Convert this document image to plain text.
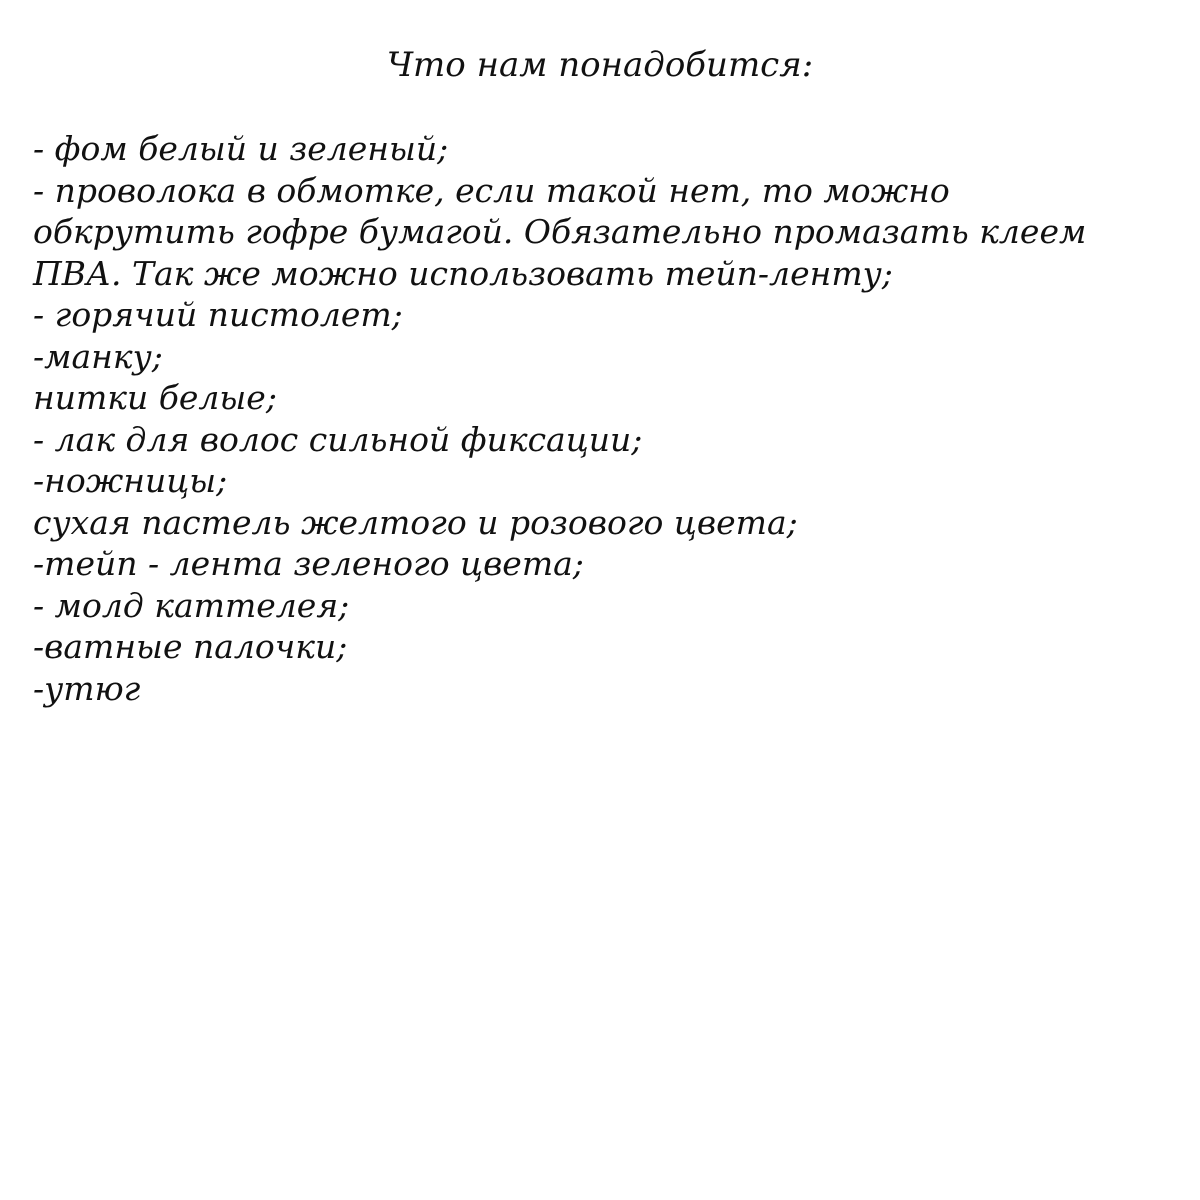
Что нам понадобится:
- фом белый и зеленый;
- проволока в обмотке, если такой нет, то можно обкрутить гофре бумагой. Обязательно промазать клеем ПВА. Так же можно использовать тейп-ленту;
- горячий пистолет;
-манку;
нитки белые;
- лак для волос сильной фиксации;
-ножницы;
сухая пастель желтого и розового цвета;
-тейп - лента зеленого цвета;
- молд каттелея;
-ватные палочки;
-утюг
